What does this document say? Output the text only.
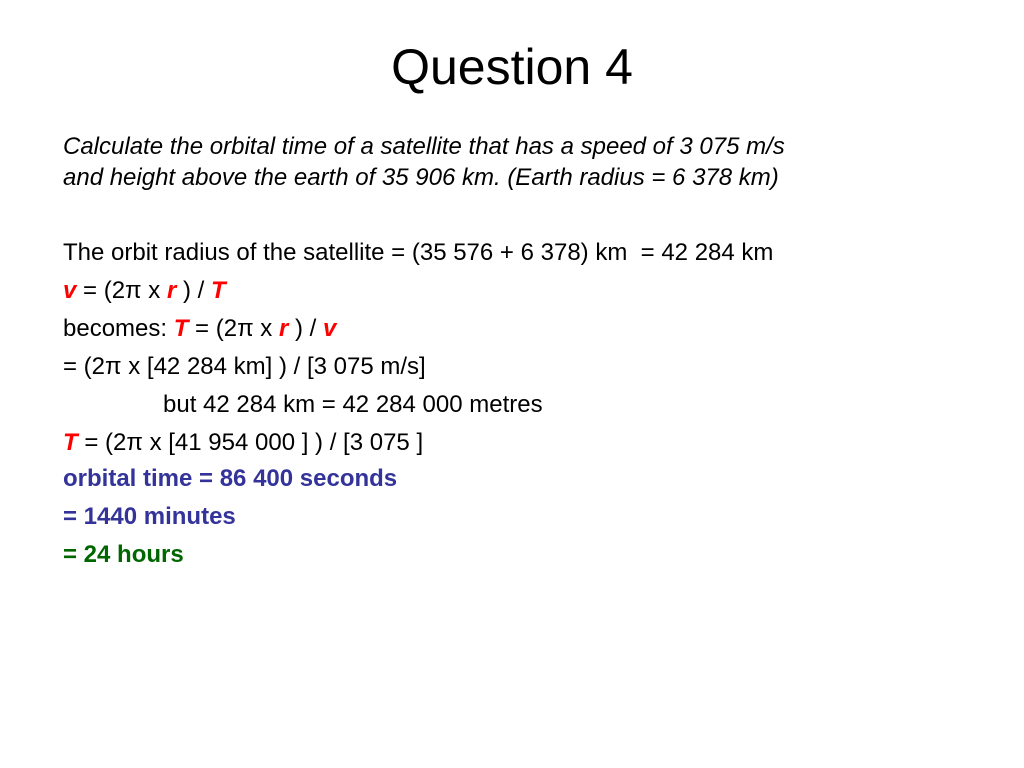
Question 4
Calculate the orbital time of a satellite that has a speed of 3 075 m/s
and height above the earth of 35 906 km. (Earth radius = 6 378 km)
The orbit radius of the satellite = (35 576 + 6 378) km  = 42 284 km
v = (2π x r ) / T
becomes: T = (2π x r ) / v
= (2π x [42 284 km] ) / [3 075 m/s]
but 42 284 km = 42 284 000 metres
T = (2π x [41 954 000 ] ) / [3 075 ]
orbital time = 86 400 seconds
= 1440 minutes
= 24 hours
